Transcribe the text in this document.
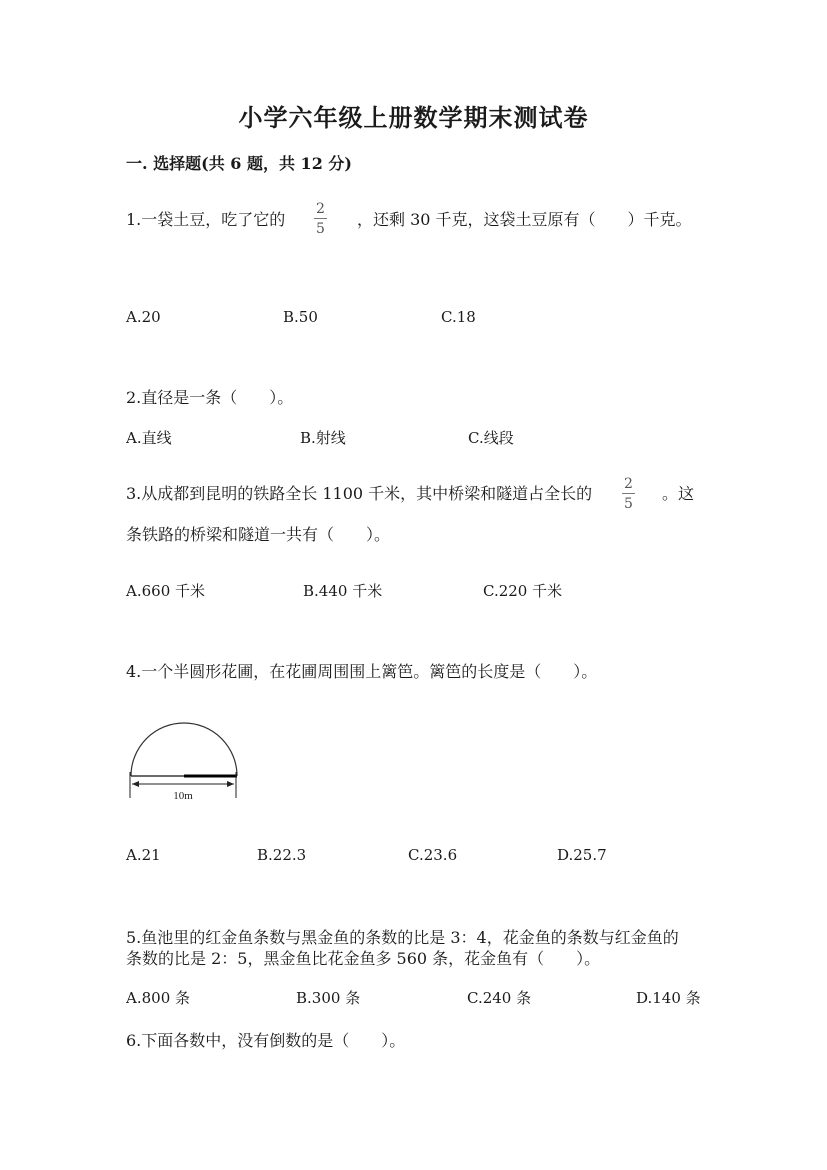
小学六年级上册数学期末测试卷
一. 选择题(共 6 题，共 12 分)
1.一袋土豆，吃了它的 $\frac{2}{5}$ ，还剩 30 千克，这袋土豆原有（　　）千克。
A.20	B.50	C.18
2.直径是一条（　　）。
A.直线	B.射线	C.线段
3.从成都到昆明的铁路全长 1100 千米，其中桥梁和隧道占全长的 $\frac{2}{5}$ 。这
条铁路的桥梁和隧道一共有（　　）。
A.660 千米	B.440 千米	C.220 千米
4.一个半圆形花圃，在花圃周围围上篱笆。篱笆的长度是（　　）。
10m
A.21	B.22.3	C.23.6	D.25.7
5.鱼池里的红金鱼条数与黑金鱼的条数的比是 3：4，花金鱼的条数与红金鱼的
条数的比是 2：5，黑金鱼比花金鱼多 560 条，花金鱼有（　　）。
A.800 条	B.300 条	C.240 条	D.140 条
6.下面各数中，没有倒数的是（　　）。
